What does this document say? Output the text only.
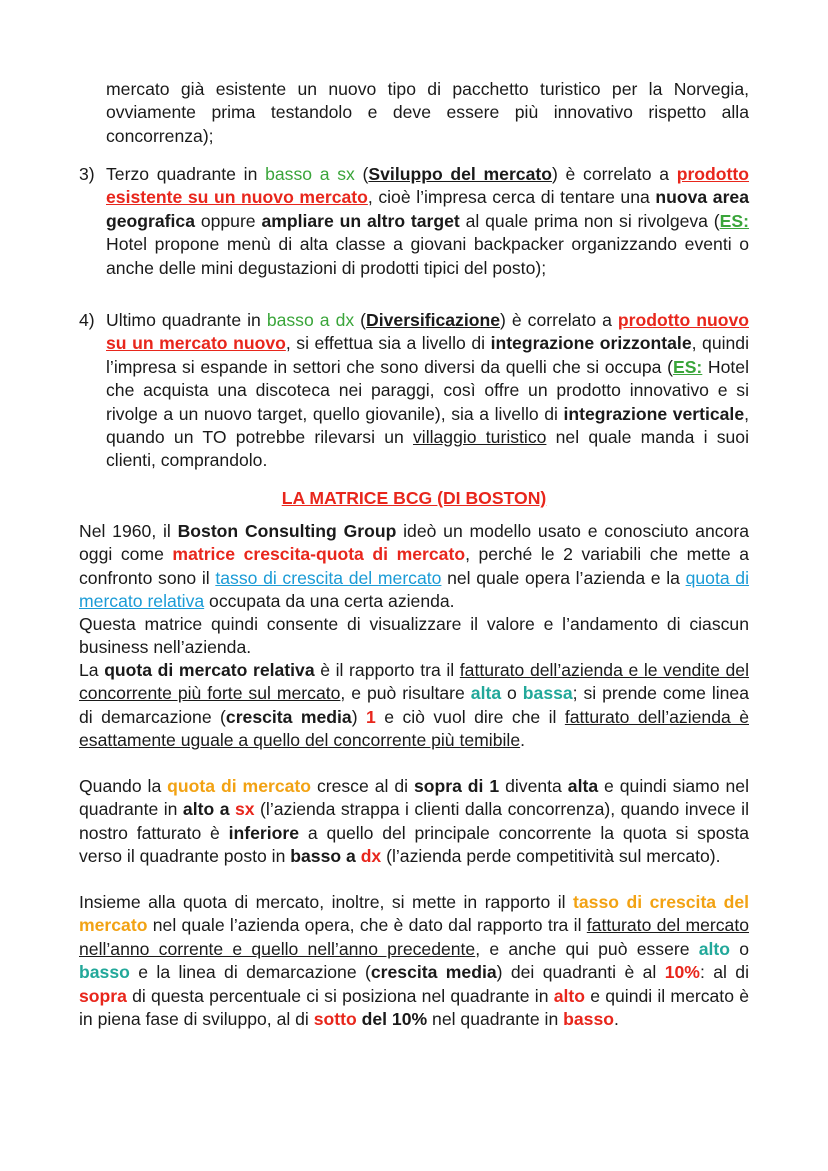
mercato già esistente un nuovo tipo di pacchetto turistico per la Norvegia, ovviamente prima testandolo e deve essere più innovativo rispetto alla concorrenza);

3) Terzo quadrante in basso a sx (Sviluppo del mercato) è correlato a prodotto esistente su un nuovo mercato, cioè l’impresa cerca di tentare una nuova area geografica oppure ampliare un altro target al quale prima non si rivolgeva (ES: Hotel propone menù di alta classe a giovani backpacker organizzando eventi o anche delle mini degustazioni di prodotti tipici del posto);

4) Ultimo quadrante in basso a dx (Diversificazione) è correlato a prodotto nuovo su un mercato nuovo, si effettua sia a livello di integrazione orizzontale, quindi l’impresa si espande in settori che sono diversi da quelli che si occupa (ES: Hotel che acquista una discoteca nei paraggi, così offre un prodotto innovativo e si rivolge a un nuovo target, quello giovanile), sia a livello di integrazione verticale, quando un TO potrebbe rilevarsi un villaggio turistico nel quale manda i suoi clienti, comprandolo.

LA MATRICE BCG (DI BOSTON)

Nel 1960, il Boston Consulting Group ideò un modello usato e conosciuto ancora oggi come matrice crescita-quota di mercato, perché le 2 variabili che mette a confronto sono il tasso di crescita del mercato nel quale opera l’azienda e la quota di mercato relativa occupata da una certa azienda.

Questa matrice quindi consente di visualizzare il valore e l’andamento di ciascun business nell’azienda.

La quota di mercato relativa è il rapporto tra il fatturato dell’azienda e le vendite del concorrente più forte sul mercato, e può risultare alta o bassa; si prende come linea di demarcazione (crescita media) 1 e ciò vuol dire che il fatturato dell’azienda è esattamente uguale a quello del concorrente più temibile.

Quando la quota di mercato cresce al di sopra di 1 diventa alta e quindi siamo nel quadrante in alto a sx (l’azienda strappa i clienti dalla concorrenza), quando invece il nostro fatturato è inferiore a quello del principale concorrente la quota si sposta verso il quadrante posto in basso a dx (l’azienda perde competitività sul mercato).

Insieme alla quota di mercato, inoltre, si mette in rapporto il tasso di crescita del mercato nel quale l’azienda opera, che è dato dal rapporto tra il fatturato del mercato nell’anno corrente e quello nell’anno precedente, e anche qui può essere alto o basso e la linea di demarcazione (crescita media) dei quadranti è al 10%: al di sopra di questa percentuale ci si posiziona nel quadrante in alto e quindi il mercato è in piena fase di sviluppo, al di sotto del 10% nel quadrante in basso.
